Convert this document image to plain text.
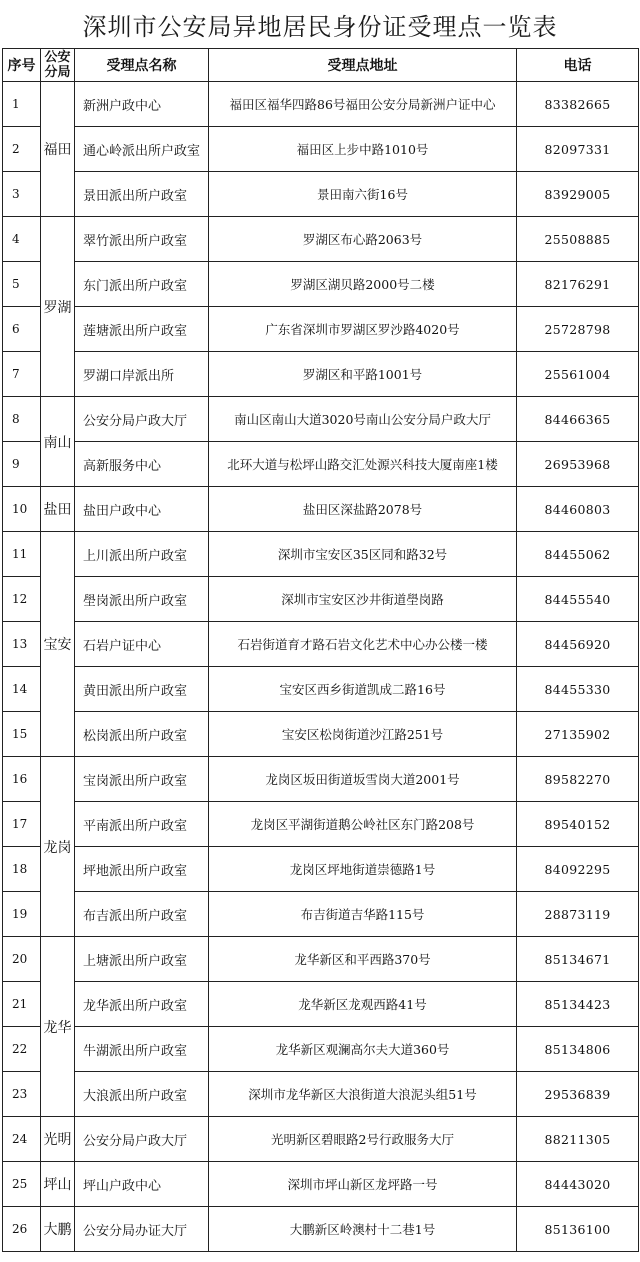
深圳市公安局异地居民身份证受理点一览表
序号	公安分局	受理点名称	受理点地址	电话
1	福田	新洲户政中心	福田区福华四路86号福田公安分局新洲户证中心	83382665
2		通心岭派出所户政室	福田区上步中路1010号	82097331
3		景田派出所户政室	景田南六街16号	83929005
4	罗湖	翠竹派出所户政室	罗湖区布心路2063号	25508885
5		东门派出所户政室	罗湖区湖贝路2000号二楼	82176291
6		莲塘派出所户政室	广东省深圳市罗湖区罗沙路4020号	25728798
7		罗湖口岸派出所	罗湖区和平路1001号	25561004
8	南山	公安分局户政大厅	南山区南山大道3020号南山公安分局户政大厅	84466365
9		高新服务中心	北环大道与松坪山路交汇处源兴科技大厦南座1楼	26953968
10	盐田	盐田户政中心	盐田区深盐路2078号	84460803
11	宝安	上川派出所户政室	深圳市宝安区35区同和路32号	84455062
12		壆岗派出所户政室	深圳市宝安区沙井街道壆岗路	84455540
13		石岩户证中心	石岩街道育才路石岩文化艺术中心办公楼一楼	84456920
14		黄田派出所户政室	宝安区西乡街道凯成二路16号	84455330
15		松岗派出所户政室	宝安区松岗街道沙江路251号	27135902
16	龙岗	宝岗派出所户政室	龙岗区坂田街道坂雪岗大道2001号	89582270
17		平南派出所户政室	龙岗区平湖街道鹅公岭社区东门路208号	89540152
18		坪地派出所户政室	龙岗区坪地街道崇德路1号	84092295
19		布吉派出所户政室	布吉街道吉华路115号	28873119
20	龙华	上塘派出所户政室	龙华新区和平西路370号	85134671
21		龙华派出所户政室	龙华新区龙观西路41号	85134423
22		牛湖派出所户政室	龙华新区观澜高尔夫大道360号	85134806
23		大浪派出所户政室	深圳市龙华新区大浪街道大浪泥头组51号	29536839
24	光明	公安分局户政大厅	光明新区碧眼路2号行政服务大厅	88211305
25	坪山	坪山户政中心	深圳市坪山新区龙坪路一号	84443020
26	大鹏	公安分局办证大厅	大鹏新区岭澳村十二巷1号	85136100
